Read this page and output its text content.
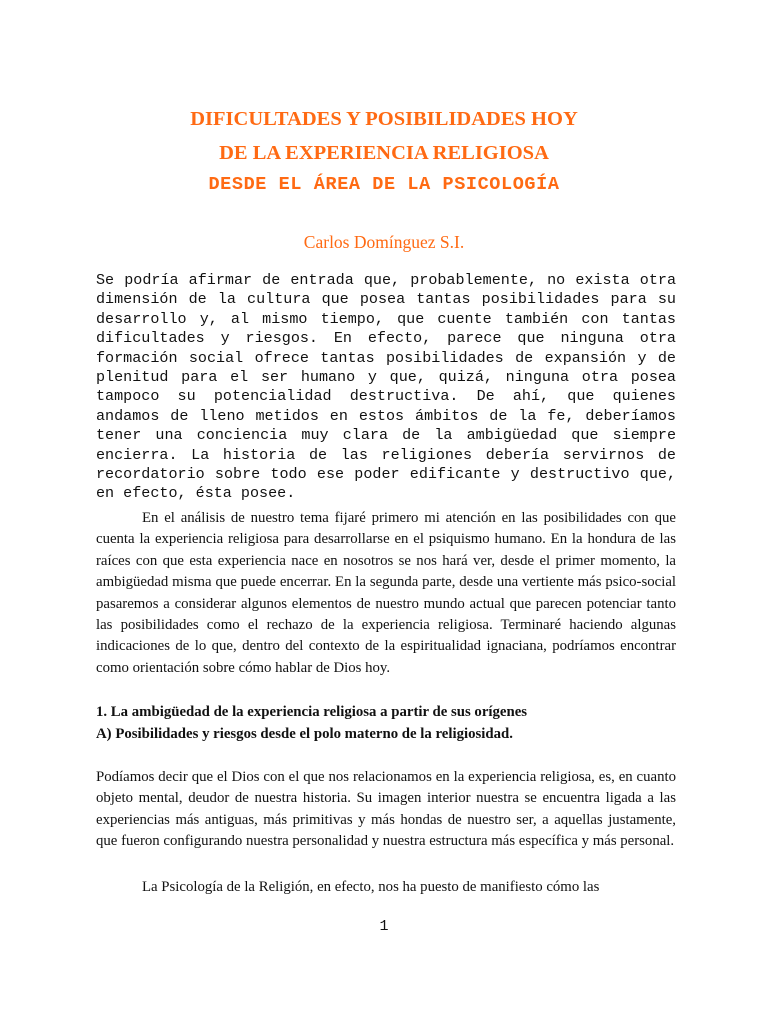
DIFICULTADES Y POSIBILIDADES HOY
DE LA EXPERIENCIA RELIGIOSA
DESDE EL ÁREA DE LA PSICOLOGÍA
Carlos Domínguez S.I.

Se podría afirmar de entrada que, probablemente, no exista otra dimensión de la cultura que posea tantas posibilidades para su desarrollo y, al mismo tiempo, que cuente también con tantas dificultades y riesgos. En efecto, parece que ninguna otra formación social ofrece tantas posibilidades de expansión y de plenitud para el ser humano y que, quizá, ninguna otra posea tampoco su potencialidad destructiva. De ahí, que quienes andamos de lleno metidos en estos ámbitos de la fe, deberíamos tener una conciencia muy clara de la ambigüedad que siempre encierra. La historia de las religiones debería servirnos de recordatorio sobre todo ese poder edificante y destructivo que, en efecto, ésta posee.

En el análisis de nuestro tema fijaré primero mi atención en las posibilidades con que cuenta la experiencia religiosa para desarrollarse en el psiquismo humano. En la hondura de las raíces con que esta experiencia nace en nosotros se nos hará ver, desde el primer momento, la ambigüedad misma que puede encerrar. En la segunda parte, desde una vertiente más psico-social pasaremos a considerar algunos elementos de nuestro mundo actual que parecen potenciar tanto las posibilidades como el rechazo de la experiencia religiosa. Terminaré haciendo algunas indicaciones de lo que, dentro del contexto de la espiritualidad ignaciana, podríamos encontrar como orientación sobre cómo hablar de Dios hoy.

1. La ambigüedad de la experiencia religiosa a partir de sus orígenes
A) Posibilidades y riesgos desde el polo materno de la religiosidad.

Podíamos decir que el Dios con el que nos relacionamos en la experiencia religiosa, es, en cuanto objeto mental, deudor de nuestra historia. Su imagen interior nuestra se encuentra ligada a las experiencias más antiguas, más primitivas y más hondas de nuestro ser, a aquellas justamente, que fueron configurando nuestra personalidad y nuestra estructura más específica y más personal.

La Psicología de la Religión, en efecto, nos ha puesto de manifiesto cómo las

1
